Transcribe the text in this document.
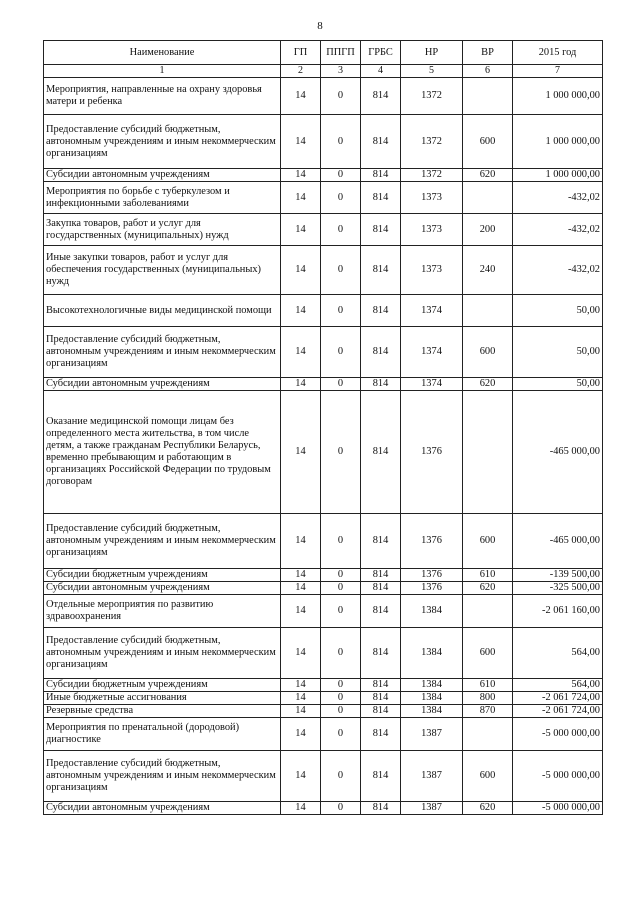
8
Наименование	ГП	ППГП	ГРБС	НР	ВР	2015 год
1	2	3	4	5	6	7
Мероприятия, направленные на охрану здоровья матери и ребенка	14	0	814	1372		1 000 000,00
Предоставление субсидий бюджетным, автономным учреждениям и иным некоммерческим организациям	14	0	814	1372	600	1 000 000,00
Субсидии автономным учреждениям	14	0	814	1372	620	1 000 000,00
Мероприятия по борьбе с туберкулезом и инфекционными заболеваниями	14	0	814	1373		-432,02
Закупка товаров, работ и услуг для государственных (муниципальных) нужд	14	0	814	1373	200	-432,02
Иные закупки товаров, работ и услуг для обеспечения государственных (муниципальных) нужд	14	0	814	1373	240	-432,02
Высокотехнологичные виды медицинской помощи	14	0	814	1374		50,00
Предоставление субсидий бюджетным, автономным учреждениям и иным некоммерческим организациям	14	0	814	1374	600	50,00
Субсидии автономным учреждениям	14	0	814	1374	620	50,00
Оказание медицинской помощи лицам без определенного места жительства, в том числе детям, а также гражданам Республики Беларусь, временно пребывающим и работающим в организациях Российской Федерации по трудовым договорам	14	0	814	1376		-465 000,00
Предоставление субсидий бюджетным, автономным учреждениям и иным некоммерческим организациям	14	0	814	1376	600	-465 000,00
Субсидии бюджетным учреждениям	14	0	814	1376	610	-139 500,00
Субсидии автономным учреждениям	14	0	814	1376	620	-325 500,00
Отдельные мероприятия по развитию здравоохранения	14	0	814	1384		-2 061 160,00
Предоставление субсидий бюджетным, автономным учреждениям и иным некоммерческим организациям	14	0	814	1384	600	564,00
Субсидии бюджетным учреждениям	14	0	814	1384	610	564,00
Иные бюджетные ассигнования	14	0	814	1384	800	-2 061 724,00
Резервные средства	14	0	814	1384	870	-2 061 724,00
Мероприятия по пренатальной (дородовой) диагностике	14	0	814	1387		-5 000 000,00
Предоставление субсидий бюджетным, автономным учреждениям и иным некоммерческим организациям	14	0	814	1387	600	-5 000 000,00
Субсидии автономным учреждениям	14	0	814	1387	620	-5 000 000,00
